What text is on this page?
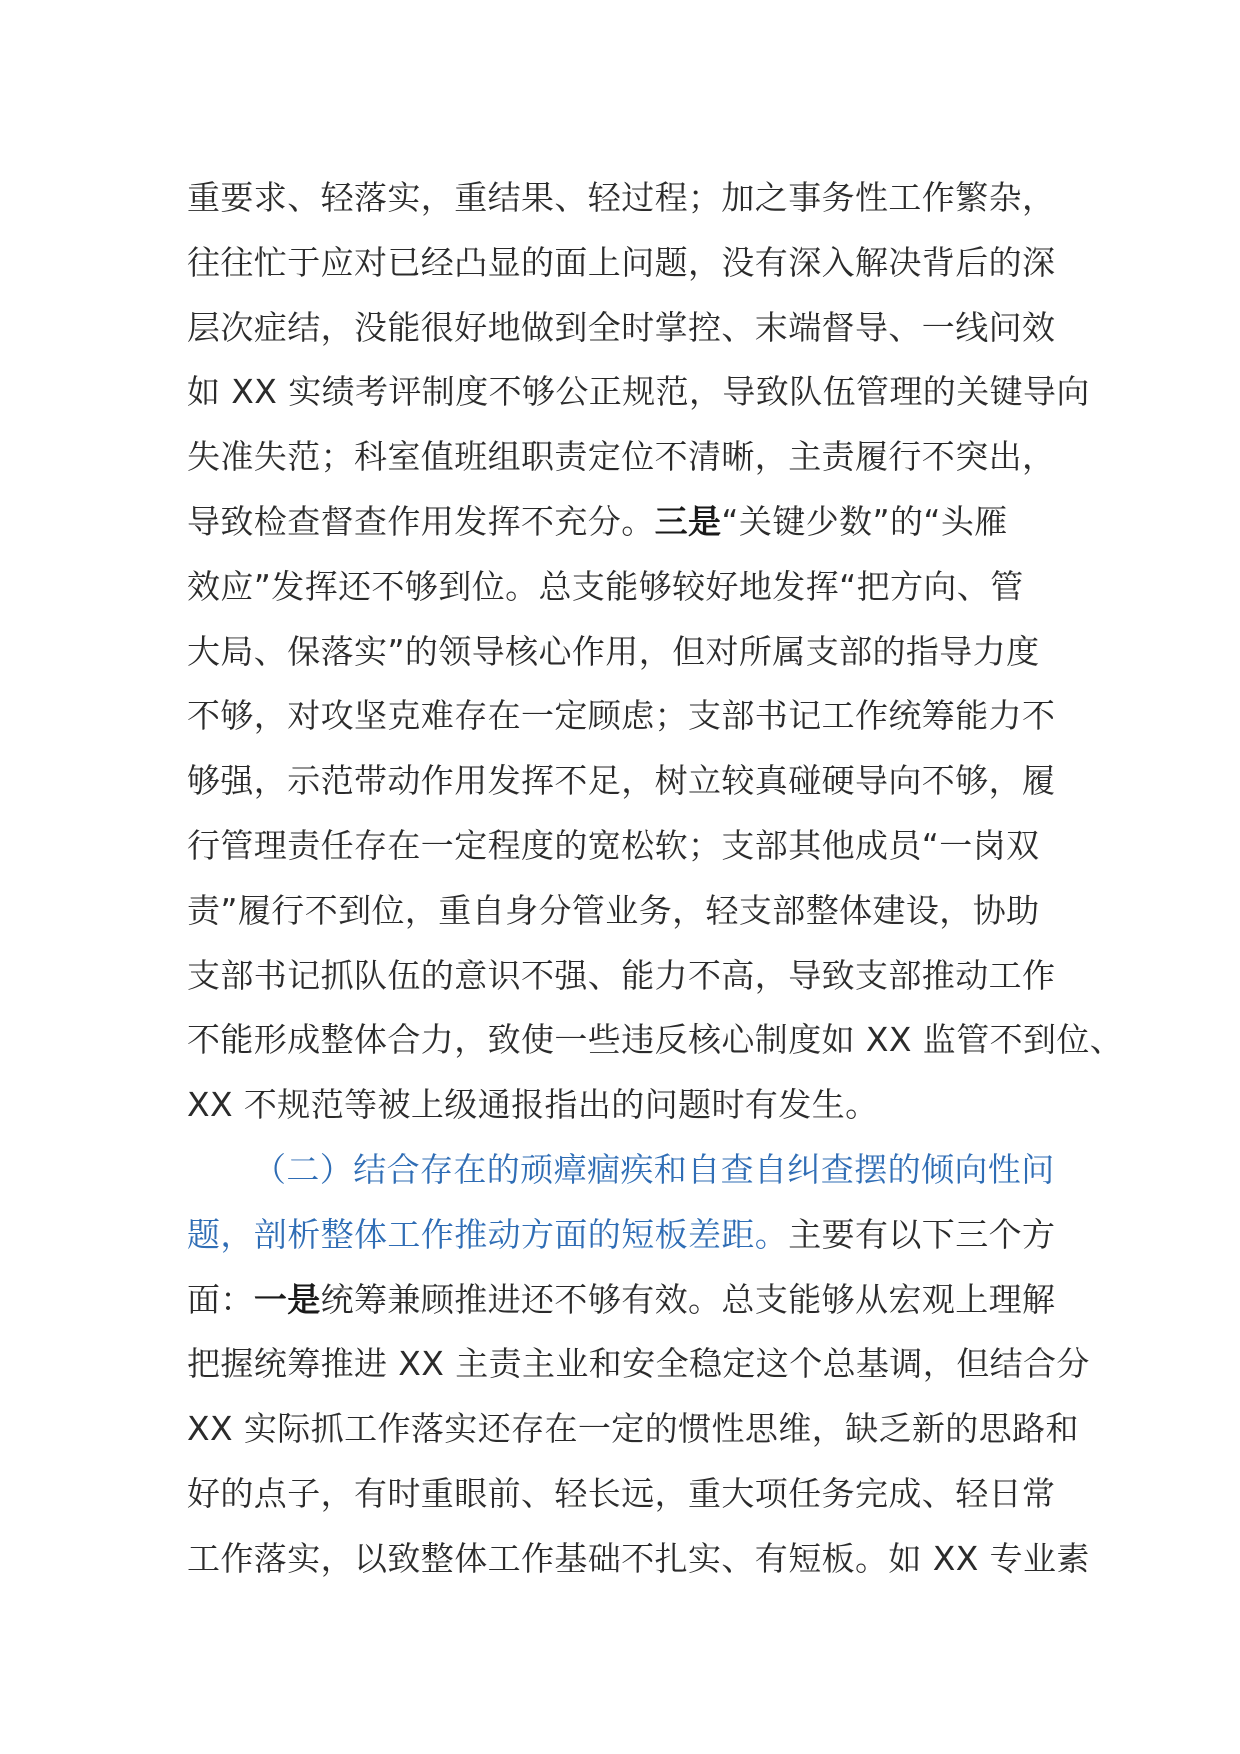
重要求、轻落实，重结果、轻过程；加之事务性工作繁杂，
往往忙于应对已经凸显的面上问题，没有深入解决背后的深
层次症结，没能很好地做到全时掌控、末端督导、一线问效
如 XX 实绩考评制度不够公正规范，导致队伍管理的关键导向
失准失范；科室值班组职责定位不清晰，主责履行不突出，
导致检查督查作用发挥不充分。三是“关键少数”的“头雁
效应”发挥还不够到位。总支能够较好地发挥“把方向、管
大局、保落实”的领导核心作用，但对所属支部的指导力度
不够，对攻坚克难存在一定顾虑；支部书记工作统筹能力不
够强，示范带动作用发挥不足，树立较真碰硬导向不够，履
行管理责任存在一定程度的宽松软；支部其他成员“一岗双
责”履行不到位，重自身分管业务，轻支部整体建设，协助
支部书记抓队伍的意识不强、能力不高，导致支部推动工作
不能形成整体合力，致使一些违反核心制度如 XX 监管不到位、
XX 不规范等被上级通报指出的问题时有发生。
（二）结合存在的顽瘴痼疾和自查自纠查摆的倾向性问
题，剖析整体工作推动方面的短板差距。主要有以下三个方
面：一是统筹兼顾推进还不够有效。总支能够从宏观上理解
把握统筹推进 XX 主责主业和安全稳定这个总基调，但结合分
XX 实际抓工作落实还存在一定的惯性思维，缺乏新的思路和
好的点子，有时重眼前、轻长远，重大项任务完成、轻日常
工作落实，以致整体工作基础不扎实、有短板。如 XX 专业素
